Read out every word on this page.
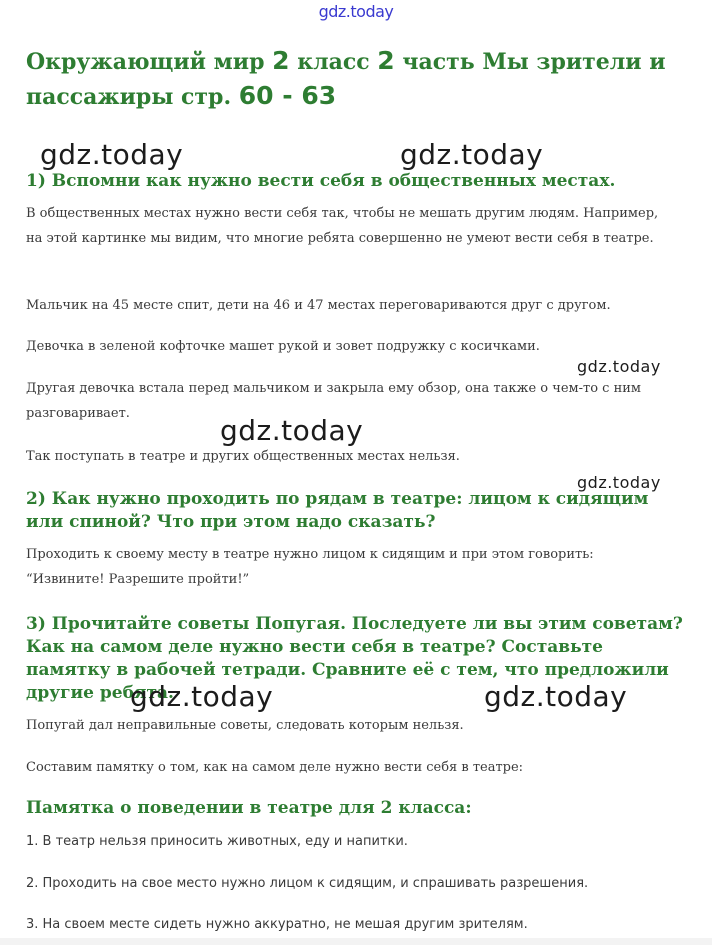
gdz.today
Окружающий мир 2 класс 2 часть Мы зрители и пассажиры стр. 60 - 63
gdz.today	gdz.today
1) Вспомни как нужно вести себя в общественных местах.

В общественных местах нужно вести себя так, чтобы не мешать другим людям. Например, на этой картинке мы видим, что многие ребята совершенно не умеют вести себя в театре.

Мальчик на 45 месте спит, дети на 46 и 47 местах переговариваются друг с другом.

Девочка в зеленой кофточке машет рукой и зовет подружку с косичками.

gdz.today

Другая девочка встала перед мальчиком и закрыла ему обзор, она также о чем-то с ним разговаривает.

gdz.today

Так поступать в театре и других общественных местах нельзя.

gdz.today
2) Как нужно проходить по рядам в театре: лицом к сидящим или спиной? Что при этом надо сказать?

Проходить к своему месту в театре нужно лицом к сидящим и при этом говорить: “Извините! Разрешите пройти!”

3) Прочитайте советы Попугая. Последуете ли вы этим советам? Как на самом деле нужно вести себя в театре? Составьте памятку в рабочей тетради. Сравните её с тем, что предложили другие ребята.
gdz.today	gdz.today

Попугай дал неправильные советы, следовать которым нельзя.

Составим памятку о том, как на самом деле нужно вести себя в театре:

Памятка о поведении в театре для 2 класса:

1. В театр нельзя приносить животных, еду и напитки.

2. Проходить на свое место нужно лицом к сидящим, и спрашивать разрешения.

3. На своем месте сидеть нужно аккуратно, не мешая другим зрителям.
